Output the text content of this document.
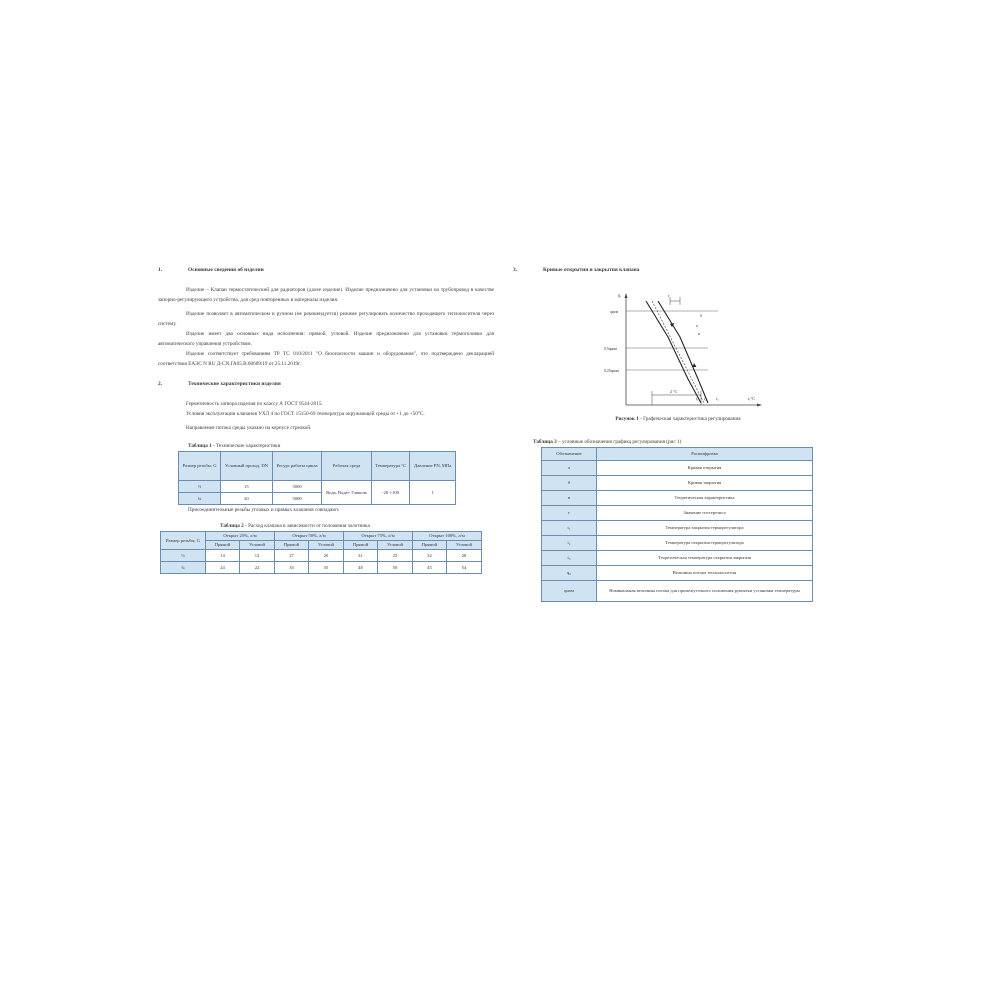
1.	Основные сведения об изделии

Изделие – Клапан термостатический для радиаторов (далее изделие). Изделие предназначено для установки на трубопровод в качестве запорно-регулирующего устройства, для сред повторенных в материалы изделия.

Изделие позволяет в автоматическом и ручном (не рекомендуется) режиме регулировать количество проходящего теплоносителя через систему.

Изделие имеет два основных вида исполнения: прямой, угловой. Изделие предназначено для установки термоголовки для автоматического управления устройством.

Изделие соответствует требованиям ТР ТС 010/2011 "О безопасности машин и оборудования", что подтверждено декларацией соответствия ЕАЭС N RU Д-CN.ГА05.В.00609/19 от 25.11.2019г.

2.	Технические характеристики изделия

Герметичность затвора изделия по классу А ГОСТ 9544-2015.

Условия эксплуатации клапанов УХЛ 4 по ГОСТ 15150-69 температура окружающей среды от +1 до +50°С.

Направление потока среды указано на корпусе стрелкой.

Таблица 1 - Технические характеристики

Размер резьбы, G	Условный проход, DN	Ресурс работы цикла	Рабочая среда	Температура °С	Давление PN, МПа
½	15	5000	Вода, Вода+ Гликоль	-20 +100	1
¾	20	5000			

Присоединительные резьбы угловых и прямых клапанов совпадают.

Таблица 2 - Расход клапана в зависимости от положения золотника

Размер резьбы, G	Открыт 25%, л/м		Открыт 50%, л/м		Открыт 75%, л/м		Открыт 100%, л/м	
	Прямой	Угловой	Прямой	Угловой	Прямой	Угловой	Прямой	Угловой
½	14	12	27	20	31	25	32	28
¾	24	22	35	35	48	50	45	54
3.	Кривые открытия и закрытия клапана
q
t,°C
qном
0,5qном
0,25qном
2 °C
г
a
б
в
t₁ t₂ t₃

Рисунок 1 - Графическая характеристика регулирования

Таблица 3 – условные обозначения графика регулирования (рис 1)

Обозначение	Расшифровка
а	Кривая открытия
б	Кривая закрытия
в	Теоретическая характеристика
г	Значение гистерезиса
t₁	Температура закрытия терморегулятора
t₂	Температура открытия терморегулятора
t₃	Теоретическая температура открытия закрытия
q₀	Величина потока теплоносителя
qном	Номинальная величина потока для промежуточного положения рукоятки установки температуры
